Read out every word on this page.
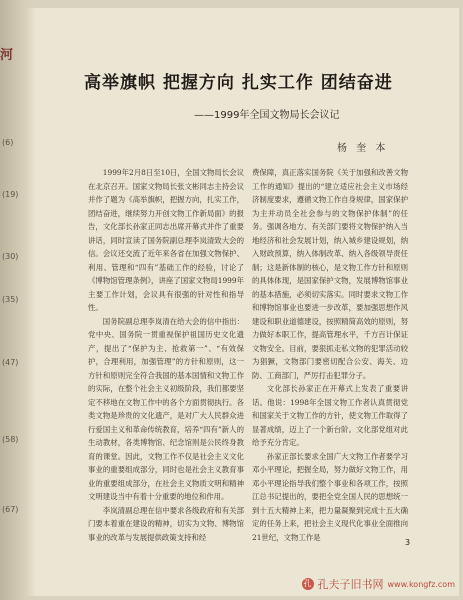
河
(6)
(19)
(30)
(35)
(47)
(58)
(67)
高举旗帜 把握方向 扎实工作 团结奋进
——1999年全国文物局长会议记
杨 奎 本

1999年2月8日至10日，全国文物局长会议在北京召开。国家文物局长张文彬同志主持会议并作了题为《高举旗帜，把握方向，扎实工作，团结奋进，继续努力开创文物工作新局面》的报告，文化部长孙家正同志出席开幕式并作了重要讲话，同时宣读了国务院副总理李岚清致大会的信。会议还交流了近年来各省在加强文物保护、利用、管理和“四有”基础工作的经验，讨论了《博物馆管理条例》，讲座了国家文物局1999年主要工作计划，会议具有很强的针对性和指导性。

国务院副总理李岚清在给大会的信中指出：党中央、国务院一贯重视保护祖国历史文化遗产，提出了“保护为主、抢救第一”、“有效保护，合理利用，加强管理”的方针和原则，这一方针和原则完全符合我国的基本国情和文物工作的实际，在整个社会主义初级阶段，我们都要坚定不移地在文物工作中的各个方面贯彻执行。各类文物是珍贵的文化遗产，是对广大人民群众进行爱国主义和革命传统教育，培养“四有”新人的生动教材，各类博物馆、纪念馆则是公民终身教育的课堂。因此，文物工作不仅是社会主义文化事业的重要组成部分，同时也是社会主义教育事业的重要组成部分，在社会主义物质文明和精神文明建设当中有着十分重要的地位和作用。

李岚清副总理在信中要求各级政府和有关部门要本着重在建设的精神，切实为文物、博物馆事业的改革与发展提供政策支持和经

费保障，真正落实国务院《关于加强和改善文物工作的通知》提出的“建立适应社会主义市场经济制度要求，遵循文物工作自身规律，国家保护为主并动员全社会参与的文物保护体制”的任务。强调各地方、有关部门要将文物保护纳入当地经济和社会发展计划，纳入城乡建设规划，纳入财政预算，纳入体制改革、纳入各级领导责任制；这是新体制的核心，是文物工作方针和原则的具体体现，是国家保护文物，发展博物馆事业的基本措施，必须切实落实。同时要求文物工作和博物馆事业也要进一步改革，要加强思想作风建设和职业道德建设，按照精简高效的原则，努力做好本职工作，提高管理水平，千方百计保证文物安全。目前，要狠抓走私文物的犯罪活动较为猖獗，文物部门要密切配合公安、海关、边防、工商部门，严厉打击犯罪分子。

文化部长孙家正在开幕式上发表了重要讲话。他说：1998年全国文物工作者认真贯彻党和国家关于文物工作的方针，使文物工作取得了显著成绩，迈上了一个新台阶。文化部党组对此给予充分肯定。

孙家正部长要求全国广大文物工作者要学习邓小平理论，把握全局，努力做好文物工作，用邓小平理论指导我们整个事业和各项工作，按照江总书记提出的，要把全党全国人民的思想统一到十五大精神上来，把力量凝聚到完成十五大确定的任务上来，把社会主义现代化事业全面推向21世纪，文物工作是

3
孔 孔夫子旧书网 www.kongfz.com
